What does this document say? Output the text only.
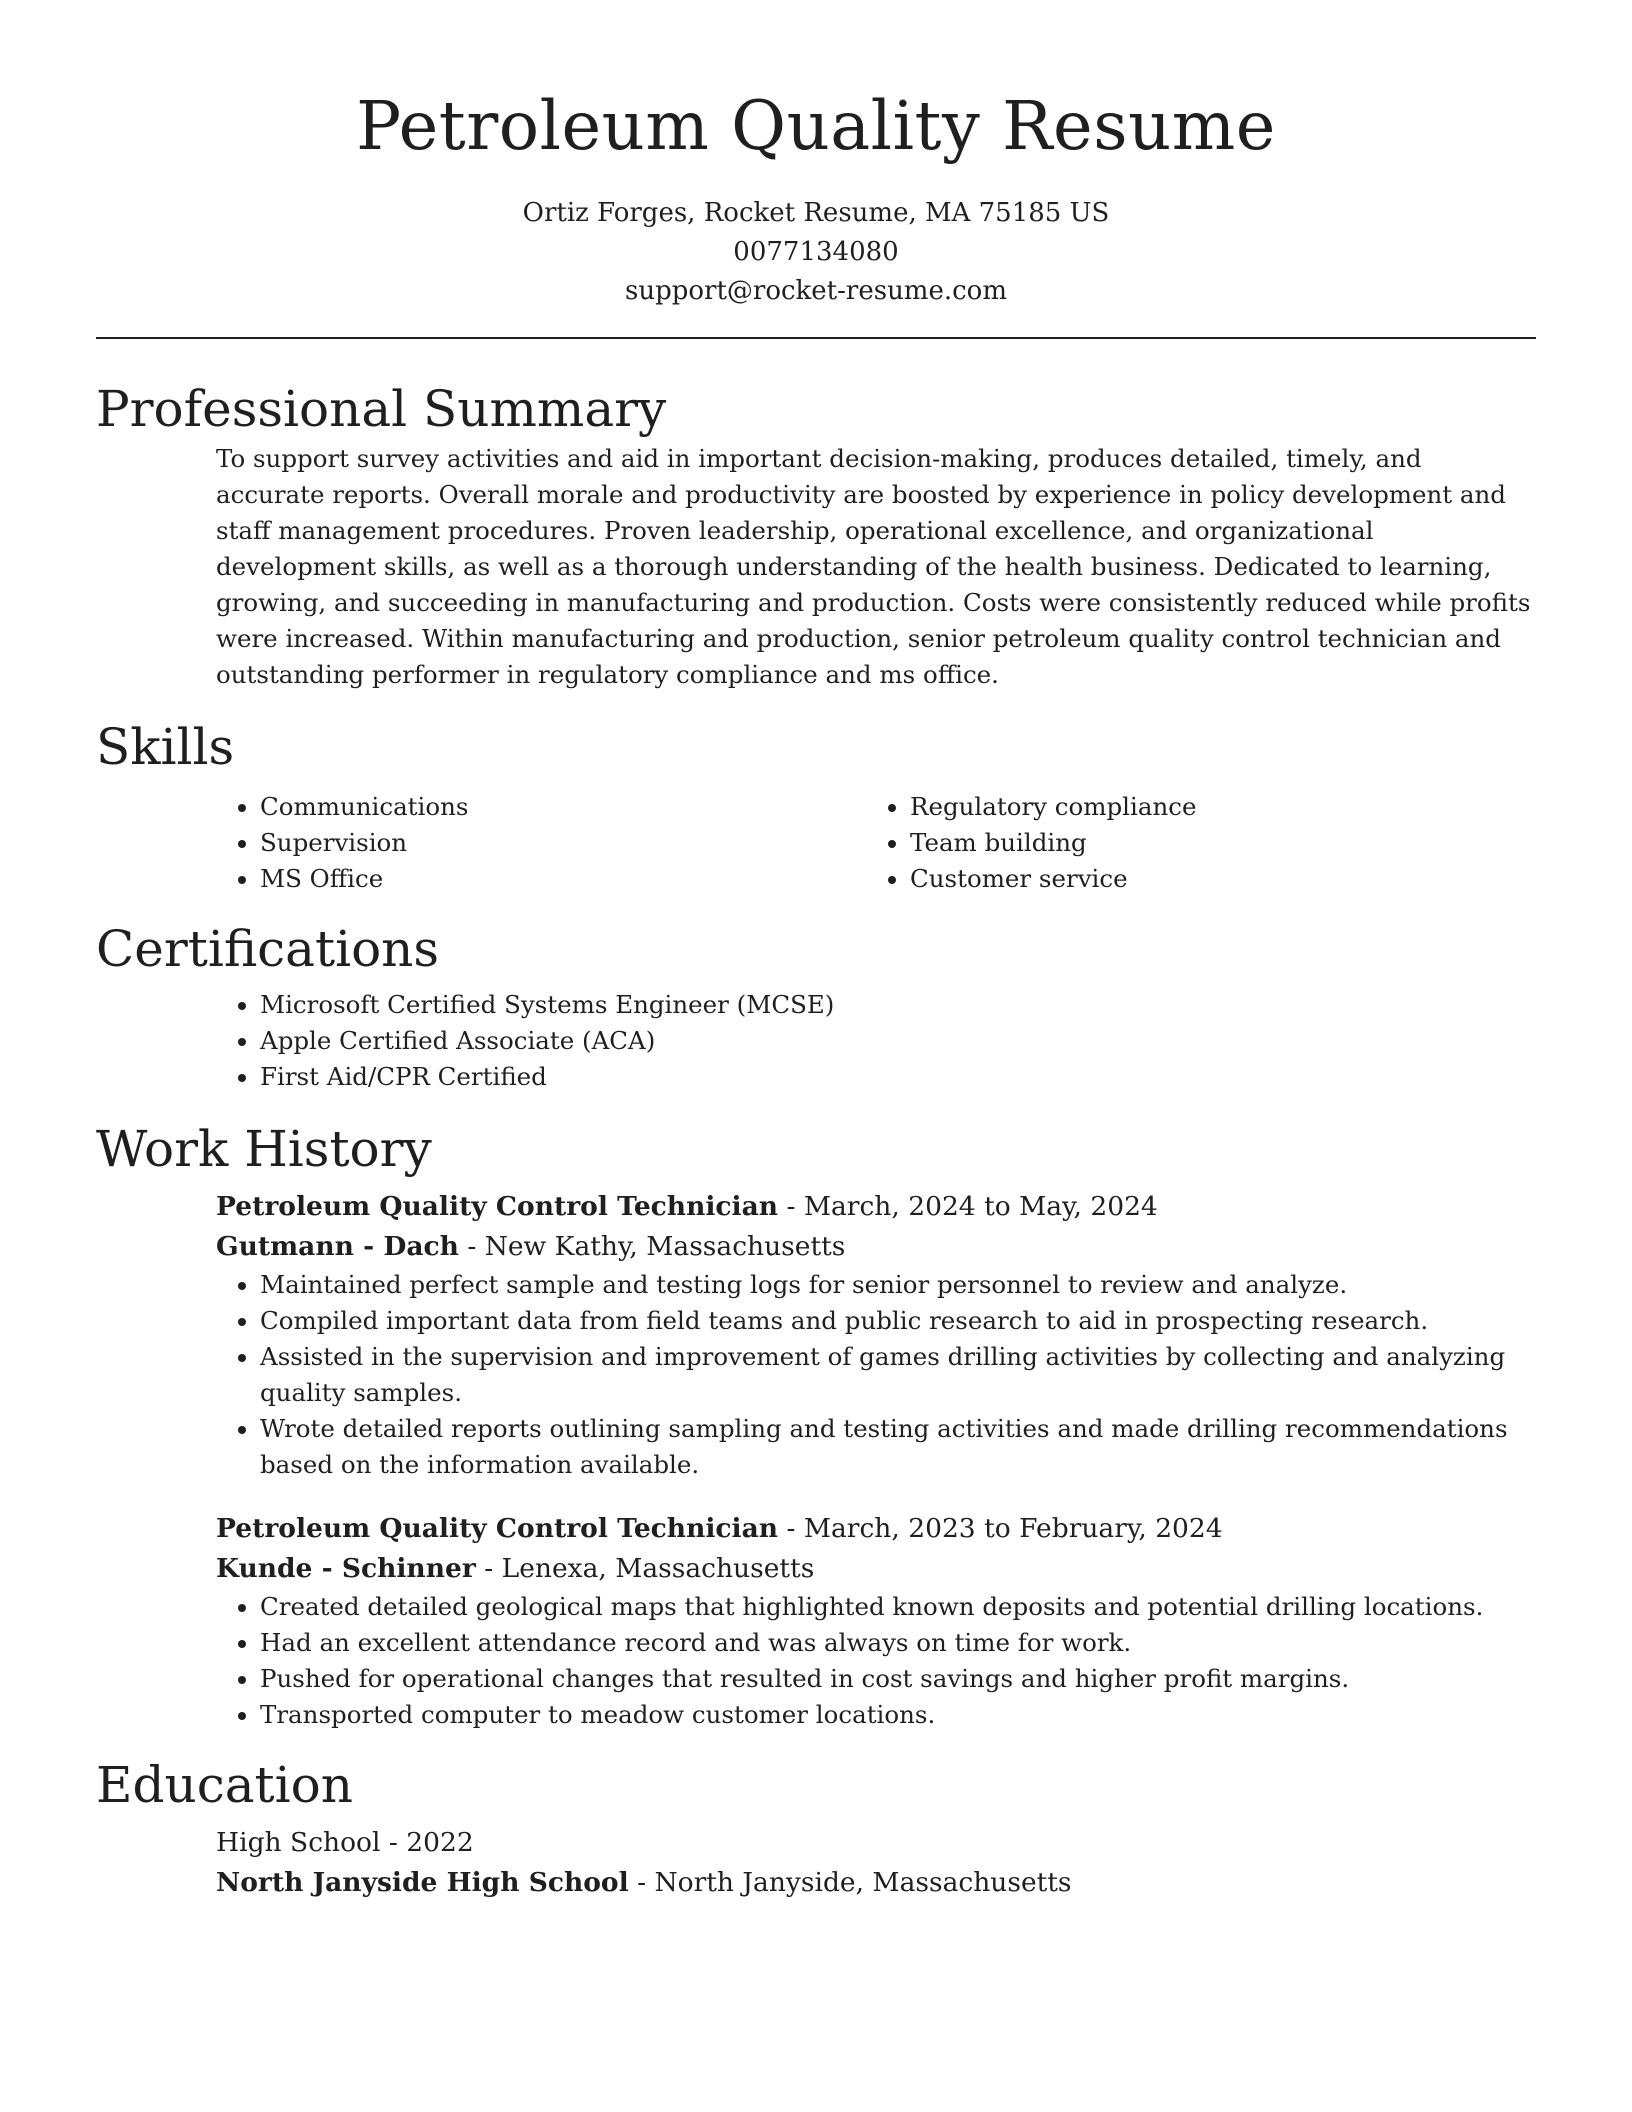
Petroleum Quality Resume
Ortiz Forges, Rocket Resume, MA 75185 US
0077134080
support@rocket-resume.com
Professional Summary
To support survey activities and aid in important decision-making, produces detailed, timely, and accurate reports. Overall morale and productivity are boosted by experience in policy development and staff management procedures. Proven leadership, operational excellence, and organizational development skills, as well as a thorough understanding of the health business. Dedicated to learning, growing, and succeeding in manufacturing and production. Costs were consistently reduced while profits were increased. Within manufacturing and production, senior petroleum quality control technician and outstanding performer in regulatory compliance and ms office.
Skills
• Communications
• Supervision
• MS Office
• Regulatory compliance
• Team building
• Customer service
Certifications
• Microsoft Certified Systems Engineer (MCSE)
• Apple Certified Associate (ACA)
• First Aid/CPR Certified
Work History
Petroleum Quality Control Technician - March, 2024 to May, 2024
Gutmann - Dach - New Kathy, Massachusetts
• Maintained perfect sample and testing logs for senior personnel to review and analyze.
• Compiled important data from field teams and public research to aid in prospecting research.
• Assisted in the supervision and improvement of games drilling activities by collecting and analyzing quality samples.
• Wrote detailed reports outlining sampling and testing activities and made drilling recommendations based on the information available.
Petroleum Quality Control Technician - March, 2023 to February, 2024
Kunde - Schinner - Lenexa, Massachusetts
• Created detailed geological maps that highlighted known deposits and potential drilling locations.
• Had an excellent attendance record and was always on time for work.
• Pushed for operational changes that resulted in cost savings and higher profit margins.
• Transported computer to meadow customer locations.
Education
High School - 2022
North Janyside High School - North Janyside, Massachusetts
